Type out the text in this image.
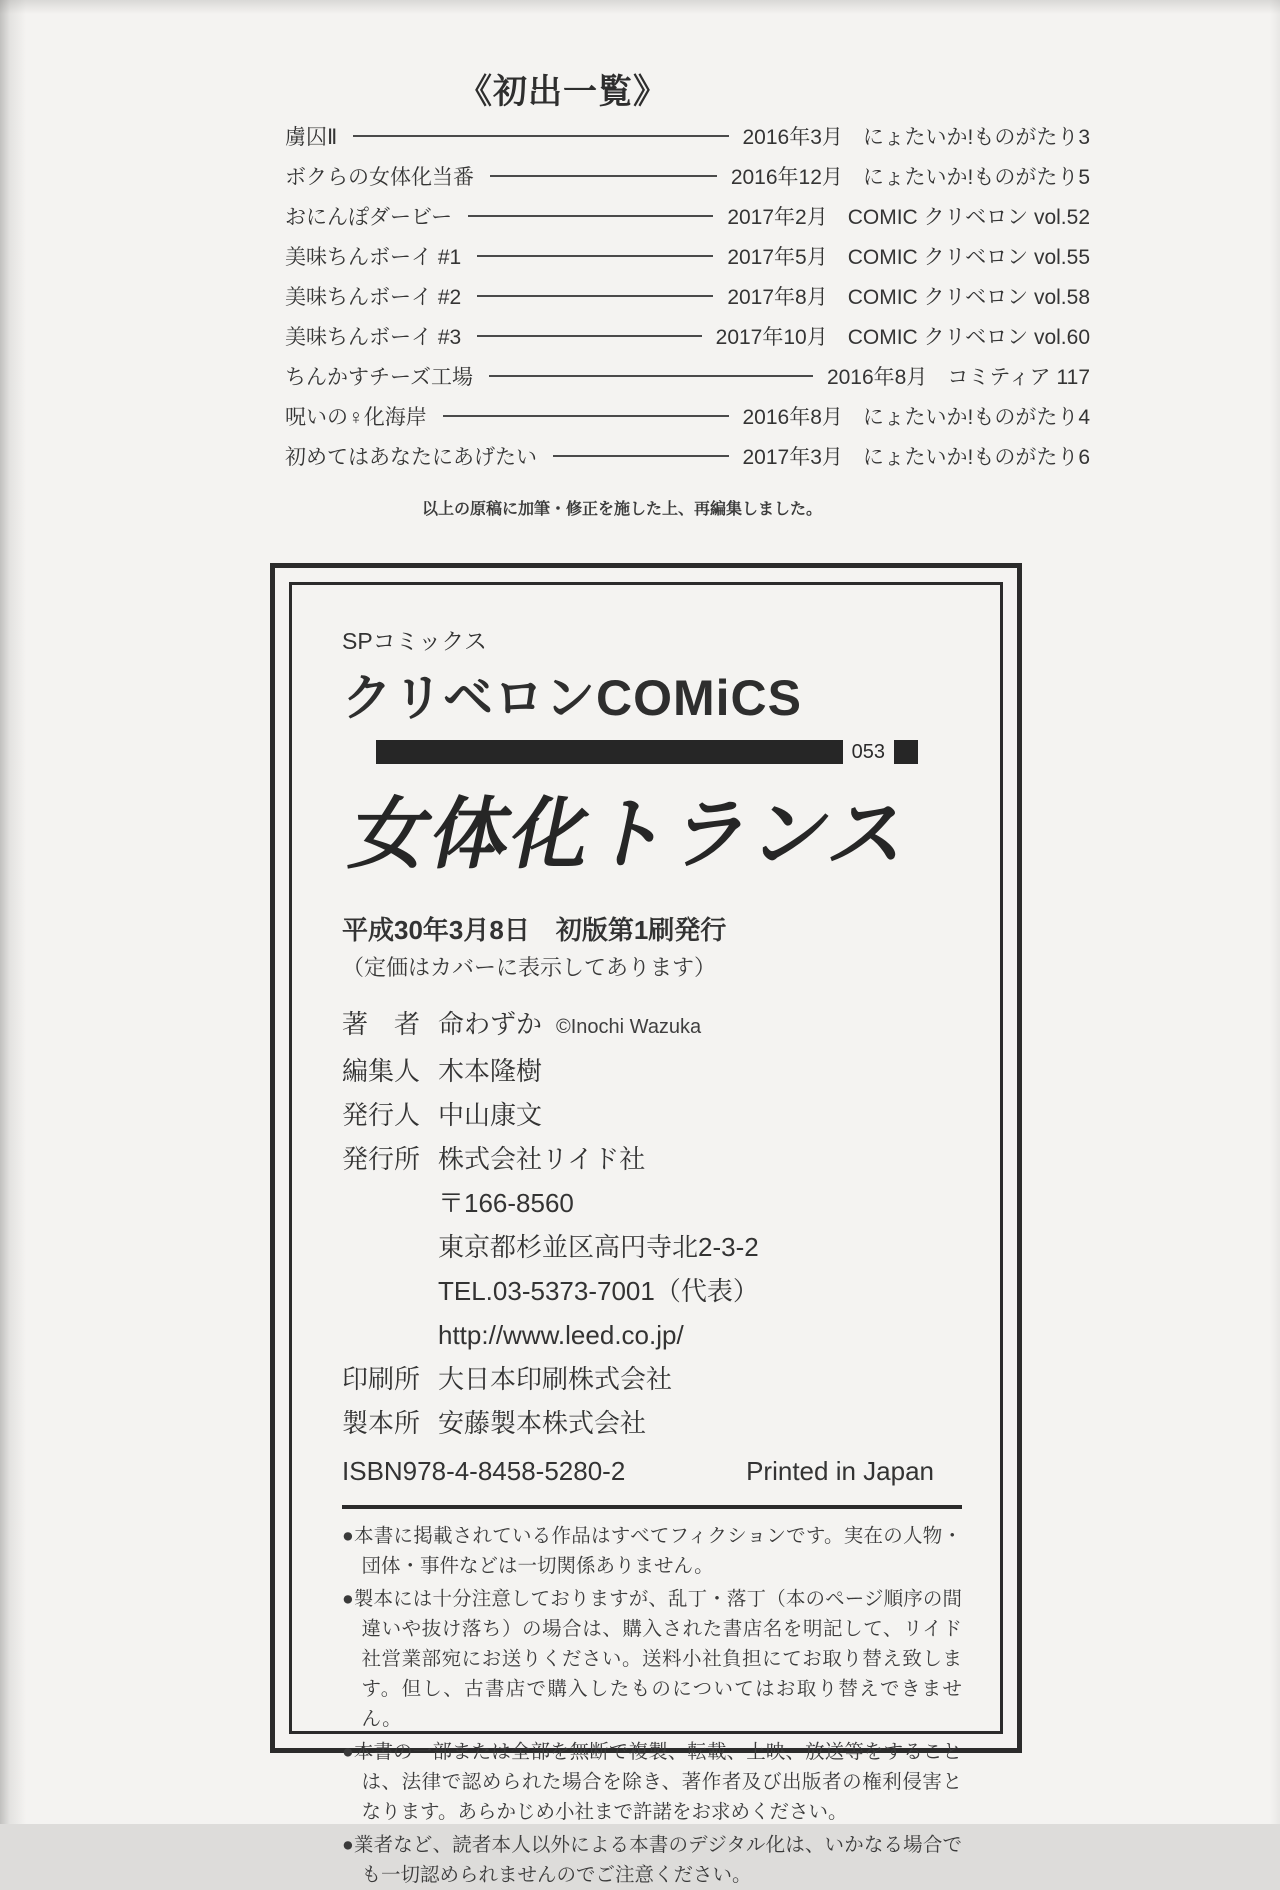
《初出一覧》
虜囚Ⅱ	2016年3月 にょたいか!ものがたり3
ボクらの女体化当番	2016年12月 にょたいか!ものがたり5
おにんぽダービー	2017年2月 COMIC クリベロン vol.52
美味ちんボーイ #1	2017年5月 COMIC クリベロン vol.55
美味ちんボーイ #2	2017年8月 COMIC クリベロン vol.58
美味ちんボーイ #3	2017年10月 COMIC クリベロン vol.60
ちんかすチーズ工場	2016年8月 コミティア 117
呪いの♀化海岸	2016年8月 にょたいか!ものがたり4
初めてはあなたにあげたい	2017年3月 にょたいか!ものがたり6
以上の原稿に加筆・修正を施した上、再編集しました。
SPコミックス
クリベロンCOMiCS
053
女体化トランス
平成30年3月8日　初版第1刷発行
（定価はカバーに表示してあります）
著　者 命わずか ©Inochi Wazuka
編集人 木本隆樹
発行人 中山康文
発行所 株式会社リイド社
〒166-8560
東京都杉並区高円寺北2-3-2
TEL.03-5373-7001（代表）
http://www.leed.co.jp/
印刷所 大日本印刷株式会社
製本所 安藤製本株式会社
ISBN978-4-8458-5280-2	Printed in Japan

●本書に掲載されている作品はすべてフィクションです。実在の人物・団体・事件などは一切関係ありません。

●製本には十分注意しておりますが、乱丁・落丁（本のページ順序の間違いや抜け落ち）の場合は、購入された書店名を明記して、リイド社営業部宛にお送りください。送料小社負担にてお取り替え致します。但し、古書店で購入したものについてはお取り替えできません。

●本書の一部または全部を無断で複製、転載、上映、放送等をすることは、法律で認められた場合を除き、著作者及び出版者の権利侵害となります。あらかじめ小社まで許諾をお求めください。

●業者など、読者本人以外による本書のデジタル化は、いかなる場合でも一切認められませんのでご注意ください。
